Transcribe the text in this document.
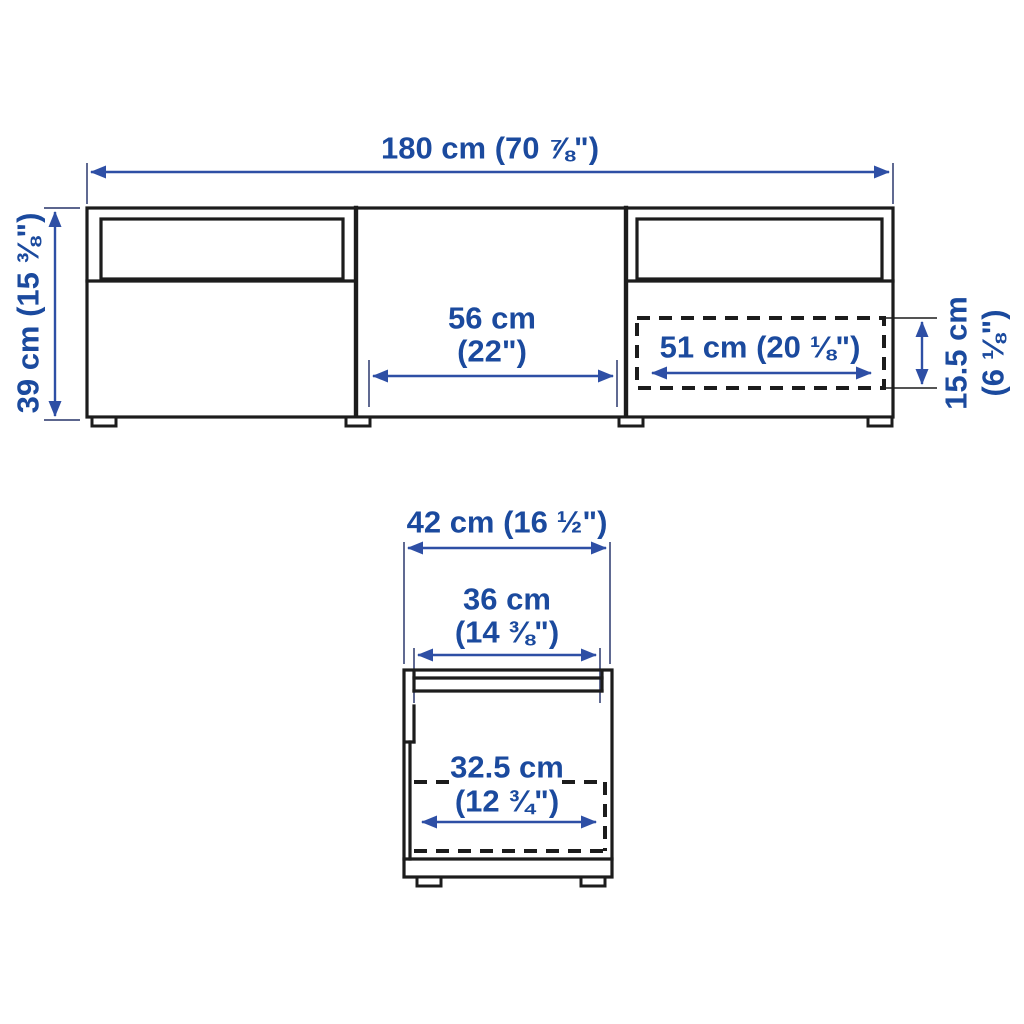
180 cm (70 ⅞")
39 cm (15 ⅜")	56 cm
(22")	51 cm (20 ⅛")	15.5 cm (6 ⅛")
42 cm (16 ½")
36 cm
(14 ⅜")
32.5 cm
(12 ¾")
